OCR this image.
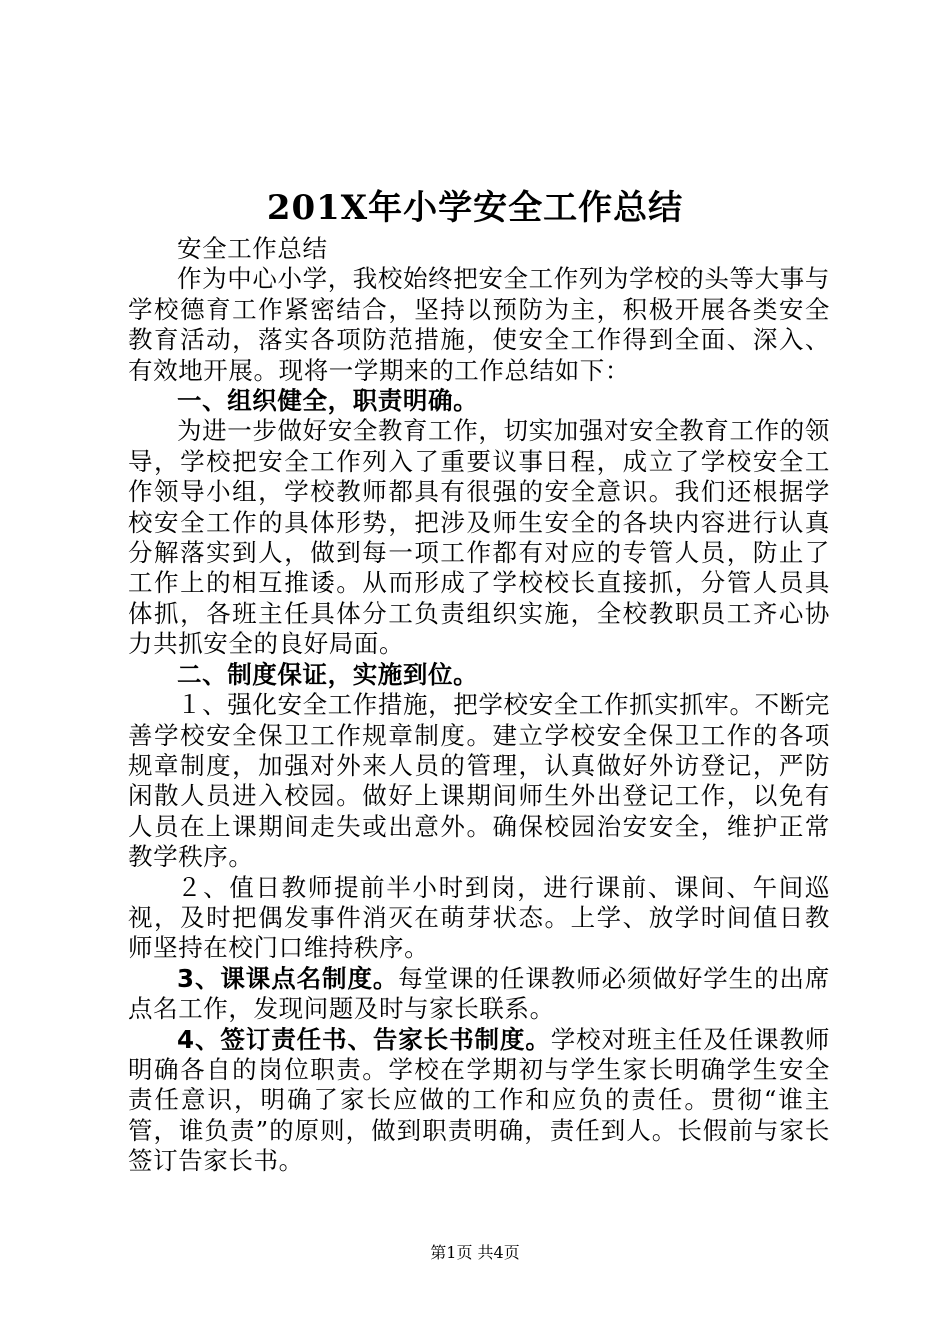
201X年小学安全工作总结

安全工作总结

作为中心小学，我校始终把安全工作列为学校的头等大事与学校德育工作紧密结合，坚持以预防为主，积极开展各类安全教育活动，落实各项防范措施，使安全工作得到全面、深入、有效地开展。现将一学期来的工作总结如下：

一、组织健全，职责明确。

为进一步做好安全教育工作，切实加强对安全教育工作的领导，学校把安全工作列入了重要议事日程，成立了学校安全工作领导小组，学校教师都具有很强的安全意识。我们还根据学校安全工作的具体形势，把涉及师生安全的各块内容进行认真分解落实到人，做到每一项工作都有对应的专管人员，防止了工作上的相互推诿。从而形成了学校校长直接抓，分管人员具体抓，各班主任具体分工负责组织实施，全校教职员工齐心协力共抓安全的良好局面。

二、制度保证，实施到位。

１、强化安全工作措施，把学校安全工作抓实抓牢。不断完善学校安全保卫工作规章制度。建立学校安全保卫工作的各项规章制度，加强对外来人员的管理，认真做好外访登记，严防闲散人员进入校园。做好上课期间师生外出登记工作，以免有人员在上课期间走失或出意外。确保校园治安安全，维护正常教学秩序。

２、值日教师提前半小时到岗，进行课前、课间、午间巡视，及时把偶发事件消灭在萌芽状态。上学、放学时间值日教师坚持在校门口维持秩序。

3、课课点名制度。每堂课的任课教师必须做好学生的出席点名工作，发现问题及时与家长联系。

4、签订责任书、告家长书制度。学校对班主任及任课教师明确各自的岗位职责。学校在学期初与学生家长明确学生安全责任意识，明确了家长应做的工作和应负的责任。贯彻“谁主管，谁负责”的原则，做到职责明确，责任到人。长假前与家长签订告家长书。

第1页 共4页
